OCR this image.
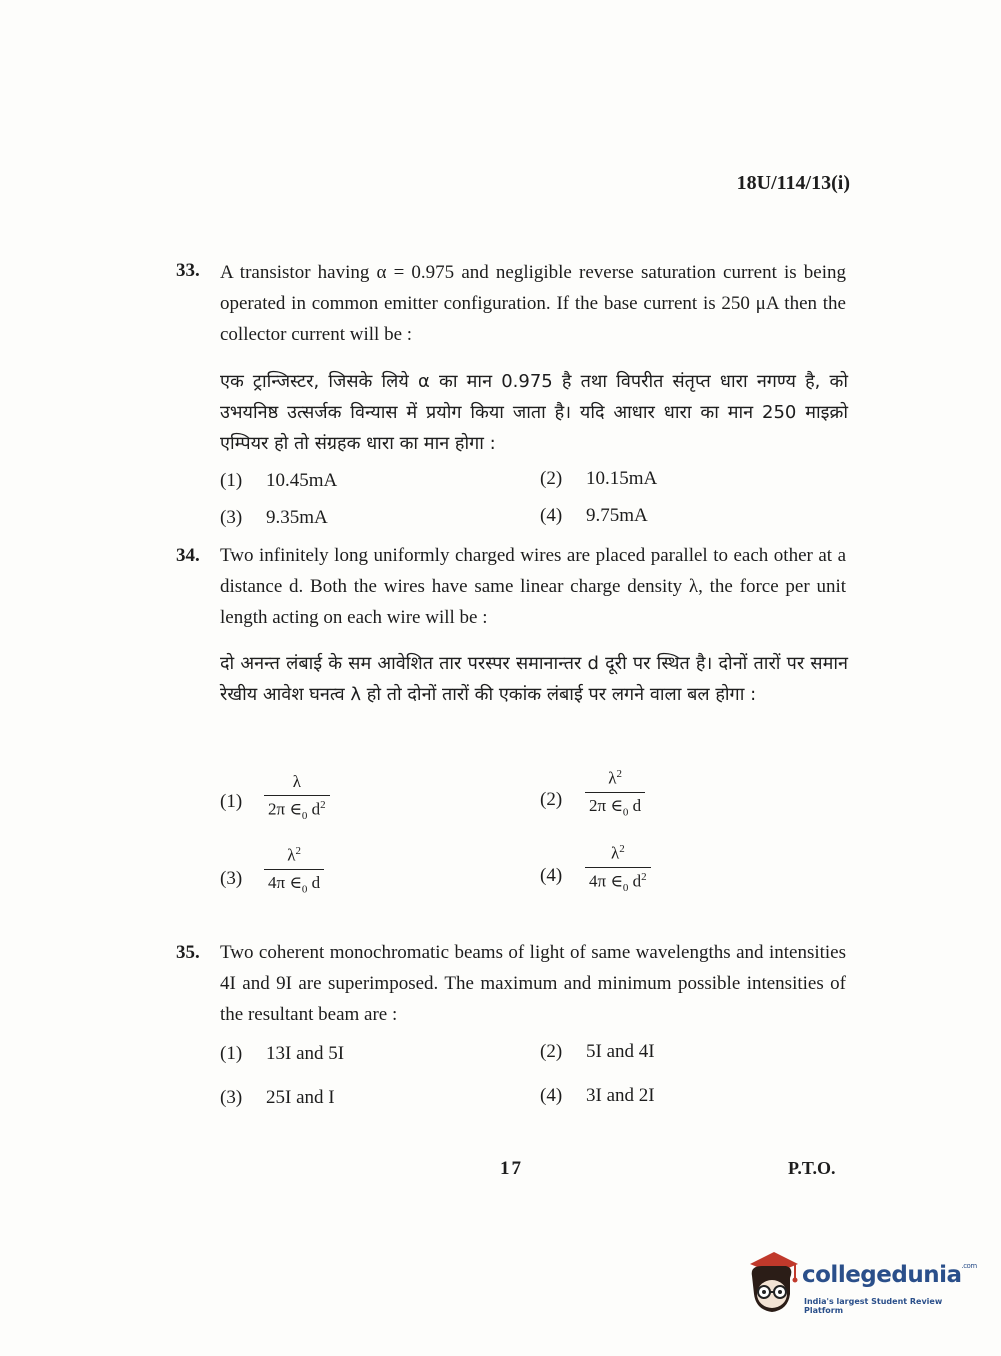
18U/114/13(i)
33. A transistor having α = 0.975 and negligible reverse saturation current is being operated in common emitter configuration. If the base current is 250 μA then the collector current will be :
एक ट्रान्जिस्टर, जिसके लिये α का मान 0.975 है तथा विपरीत संतृप्त धारा नगण्य है, को उभयनिष्ठ उत्सर्जक विन्यास में प्रयोग किया जाता है। यदि आधार धारा का मान 250 माइक्रो एम्पियर हो तो संग्रहक धारा का मान होगा :
(1) 10.45mA	(2) 10.15mA
(3) 9.35mA	(4) 9.75mA
34. Two infinitely long uniformly charged wires are placed parallel to each other at a distance d. Both the wires have same linear charge density λ, the force per unit length acting on each wire will be :
दो अनन्त लंबाई के सम आवेशित तार परस्पर समानान्तर d दूरी पर स्थित है। दोनों तारों पर समान रेखीय आवेश घनत्व λ हो तो दोनों तारों की एकांक लंबाई पर लगने वाला बल होगा :
$(1) \frac{\lambda}{2\pi \in_0 d^2}$	$(2) \frac{\lambda^2}{2\pi \in_0 d}$
$(3) \frac{\lambda^2}{4\pi \in_0 d}$	$(4) \frac{\lambda^2}{4\pi \in_0 d^2}$
35. Two coherent monochromatic beams of light of same wavelengths and intensities 4I and 9I are superimposed. The maximum and minimum possible intensities of the resultant beam are :
(1) 13I and 5I	(2) 5I and 4I
(3) 25I and I	(4) 3I and 2I
17	P.T.O.
collegedunia$^{.com}$
India's largest Student Review Platform
